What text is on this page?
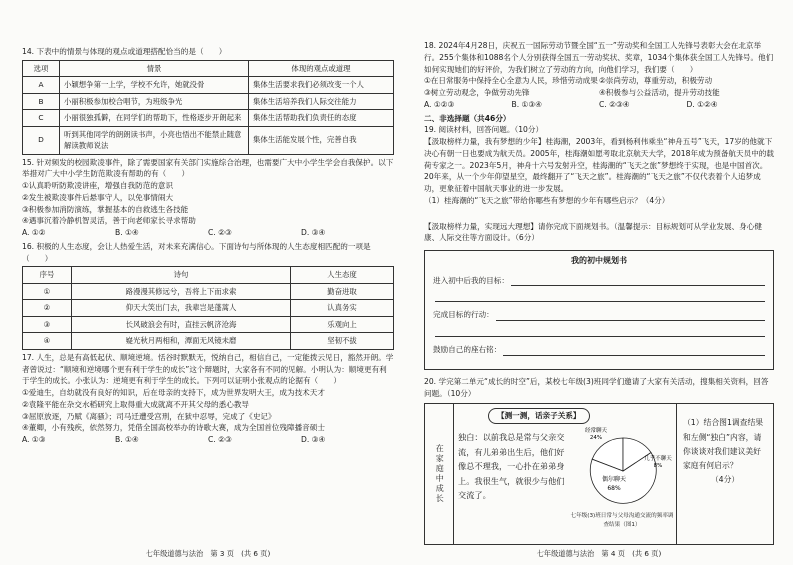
14. 下表中的情景与体现的观点或道理搭配恰当的是（　　）

选项	情景	体现的观点或道理
A	小颖想争第一上学，学校不允许，她就没骨	集体生活要求我们必须改变一个人
B	小丽积极参加校合唱节，为班级争光	集体生活培养我们人际交往能力
C	小丽很独孤僻，在同学们的帮助下，性格逐步开朗起来	集体生活帮助我们负责任的态度
D	听到其他同学的朗朗读书声，小亮也悟出不能禁止随意解读教师说法	集体生活能发展个性，完善自我

15. 针对频发的校园欺凌事件，除了需要国家有关部门实施综合治理，也需要广大中小学生学会自我保护。以下举措对广大中小学生防范欺凌有帮助的有（　　）

①认真聆听防欺凌讲座，增强自我防范的意识

②发生被欺凌事件后悬事守人，以免事情闹大

③积极参加消防演练，掌握基本的自救逃生各技能

④遇事沉着冷静机智灵活，善于向老师家长寻求帮助

A. ①②	B. ①④	C. ②③	D. ③④

16. 积极的人生态度，会让人热爱生活，对未来充满信心。下面诗句与所体现的人生态度相匹配的一项是（　　）

序号	诗句	人生态度
①	路漫漫其修远兮，吾将上下而求索	勤奋进取
②	仰天大笑出门去，我辈岂是蓬蒿人	认真务实
③	长风破浪会有时，直挂云帆济沧海	乐观向上
④	嶷光秋月两相和，潭面无风镜未磨	坚韧不拔

17. 人生，总是有高低起伏、顺境逆境。恬谷时默默无，悦纳自己，相信自己，一定能拨云见日，豁然开朗。学者曾说过：“顺境和逆境哪个更有利于学生的成长”这个辩题时，大家各有不同的见解。小明认为：顺境更有利于学生的成长。小张认为：逆境更有利于学生的成长。下列可以证明小张观点的论据有（　　）

①爱迪生，自幼就没有良好的知识，后在母亲的支持下，成为世界发明大王，成为技术天才

②袁隆平能在杂交水稻研究上取得重大成就离不开其父母的悉心教导

③屈原放逐，乃赋《离骚》；司马迁遭受宫刑，在狱中忍辱，完成了《史记》

④董卿，小有残疾，依然努力，凭借全国高校举办的诗歌大赛，成为全国首位残障播音硕士

A. ①③	B. ①④	C. ②③	D. ③④
七年级道德与法治　第 3 页　(共 6 页)

18. 2024年4月28日，庆祝五一国际劳动节暨全国“五一”劳动奖和全国工人先锋号表彰大会在北京举行。255个集体和1088名个人分别获得全国五一劳动奖状、奖章，1034个集体获全国工人先锋号。他们如何实现她们的好评价，为我们树立了劳动的方向，向他们学习，我们要（　　）

①在日常服务中保持全心全意为人民，珍惜劳动成果 ②崇尚劳动，尊重劳动，积极劳动
③树立劳动观念，争做劳动先锋	④积极参与公益活动，提升劳动技能
A. ①②③	B. ①③④	C. ②③④	D. ①②④

二、非选择题（共46分）

19. 阅读材料，回答问题。（10分）

【汲取榜样力量，我有梦想的少年】桂海潮，2003年，看到杨利伟乘坐“神舟五号”飞天，17岁的他就下决心有朝一日也要成为航天员。2005年，桂海潮如愿考取北京航天大学，2018年成为预备航天员中的载荷专家之一。2023年5月，神舟十六号发射升空，桂海潮的“飞天之旅”梦想终于实现，也是中国首次。20年来，从一个少年仰望星空，最终翻开了“飞天之旅”。桂海潮的“飞天之旅”不仅代表着个人追梦成功，更象征着中国航天事业的进一步发展。

（1）桂海潮的“飞天之旅”带给你哪些有梦想的少年有哪些启示？（4分）

【汲取榜样力量，实现远大理想】请你完成下面规划书。（温馨提示：目标规划可从学业发展、身心健康、人际交往等方面设计。（6分）

我的初中规划书
进入初中后我的目标：
完成目标的行动：
鼓励自己的座右铭：

20. 学完第二单元“成长的时空”后，某校七年级(3)班同学们邀请了大家有关活动，搜集相关资料，回答问题。（10分）

在家庭中成长
【测一测，话亲子关系】
独白：以前我总是常与父亲交流，有儿弟弟出生后，他们好像总不理我，一心扑在弟弟身上。我很生气，就很少与他们交流了。
偶尔聊天
68%
经常聊天
24%
几乎不聊天
8%
七年级(3)班日常与父母沟通交流的频率调查结果（图1）

（1）结合图1调查结果和左侧“独白”内容，请你谈谈对我们建议美好家庭有何启示？

（4分）

七年级道德与法治　第 4 页　(共 6 页)
